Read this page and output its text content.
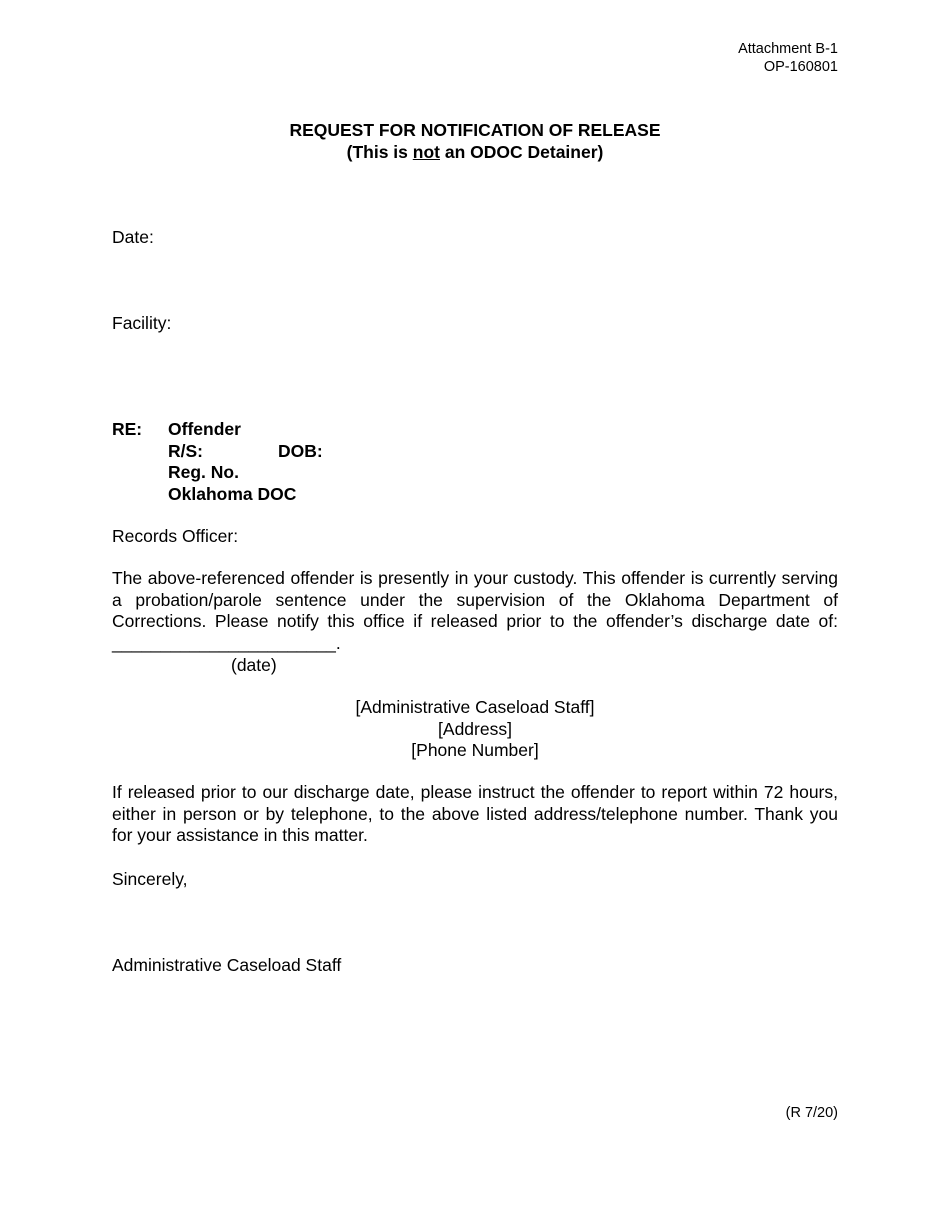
Attachment B-1
OP-160801
REQUEST FOR NOTIFICATION OF RELEASE
(This is not an ODOC Detainer)
Date:
Facility:
RE: Offender
R/S:	DOB:
Reg. No.
Oklahoma DOC
Records Officer:
The above-referenced offender is presently in your custody. This offender is currently serving a probation/parole sentence under the supervision of the Oklahoma Department of Corrections. Please notify this office if released prior to the offender’s discharge date of: _______________________.
(date)
[Administrative Caseload Staff]
[Address]
[Phone Number]
If released prior to our discharge date, please instruct the offender to report within 72 hours, either in person or by telephone, to the above listed address/telephone number. Thank you for your assistance in this matter.
Sincerely,
Administrative Caseload Staff
(R 7/20)
